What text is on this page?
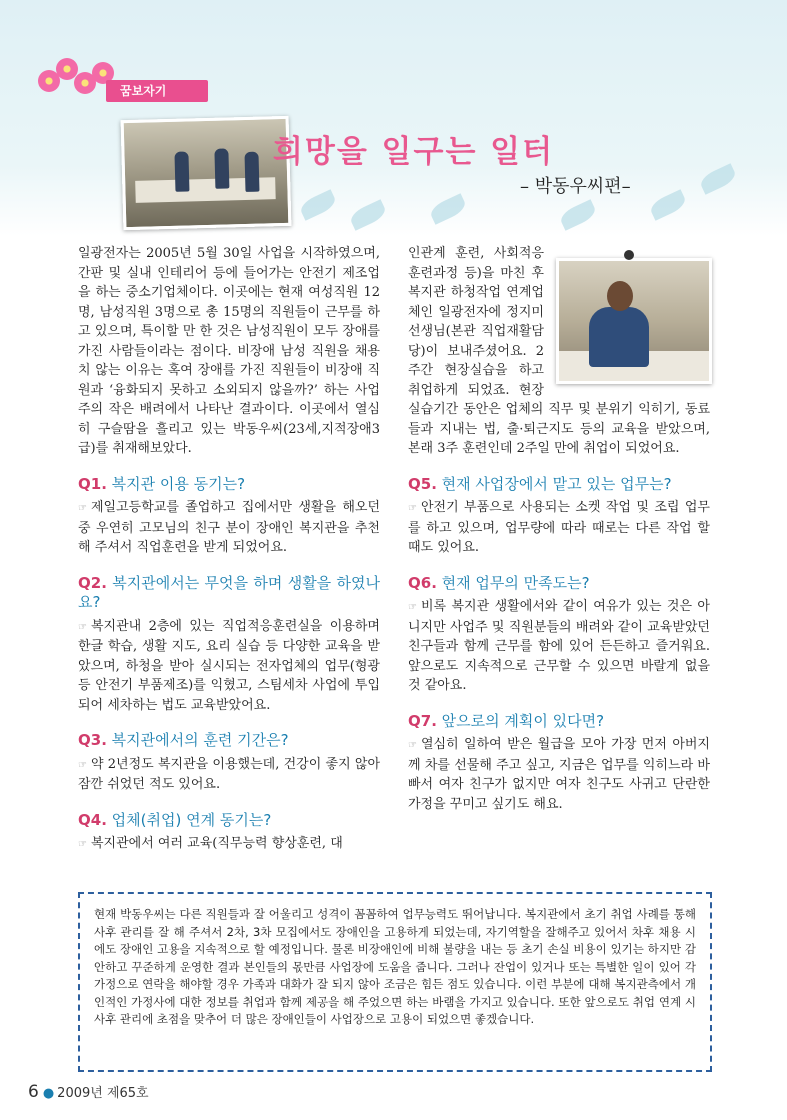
꿈보자기
희망을 일구는 일터
– 박동우씨편–

일광전자는 2005년 5월 30일 사업을 시작하였으며, 간판 및 실내 인테리어 등에 들어가는 안전기 제조업을 하는 중소기업체이다. 이곳에는 현재 여성직원 12명, 남성직원 3명으로 총 15명의 직원들이 근무를 하고 있으며, 특이할 만 한 것은 남성직원이 모두 장애를 가진 사람들이라는 점이다. 비장애 남성 직원을 채용치 않는 이유는 혹여 장애를 가진 직원들이 비장애 직원과 ‘융화되지 못하고 소외되지 않을까?’ 하는 사업주의 작은 배려에서 나타난 결과이다. 이곳에서 열심히 구슬땀을 흘리고 있는 박동우씨(23세,지적장애3급)를 취재해보았다.

Q1. 복지관 이용 동기는?

☞ 제일고등학교를 졸업하고 집에서만 생활을 해오던 중 우연히 고모님의 친구 분이 장애인 복지관을 추천해 주셔서 직업훈련을 받게 되었어요.

Q2. 복지관에서는 무엇을 하며 생활을 하였나요?

☞ 복지관내 2층에 있는 직업적응훈련실을 이용하며 한글 학습, 생활 지도, 요리 실습 등 다양한 교육을 받았으며, 하청을 받아 실시되는 전자업체의 업무(형광등 안전기 부품제조)를 익혔고, 스팀세차 사업에 투입되어 세차하는 법도 교육받았어요.

Q3. 복지관에서의 훈련 기간은?

☞ 약 2년정도 복지관을 이용했는데, 건강이 좋지 않아 잠깐 쉬었던 적도 있어요.

Q4. 업체(취업) 연계 동기는?

☞ 복지관에서 여러 교육(직무능력 향상훈련, 대

인관계 훈련, 사회적응 훈련과정 등)을 마친 후 복지관 하청작업 연계업체인 일광전자에 정지미 선생님(본관 직업재활담당)이 보내주셨어요. 2주간 현장실습을 하고 취업하게 되었죠. 현장실습기간 동안은 업체의 직무 및 분위기 익히기, 동료들과 지내는 법, 출·퇴근지도 등의 교육을 받았으며, 본래 3주 훈련인데 2주일 만에 취업이 되었어요.

Q5. 현재 사업장에서 맡고 있는 업무는?

☞ 안전기 부품으로 사용되는 소켓 작업 및 조립 업무를 하고 있으며, 업무량에 따라 때로는 다른 작업 할 때도 있어요.

Q6. 현재 업무의 만족도는?

☞ 비록 복지관 생활에서와 같이 여유가 있는 것은 아니지만 사업주 및 직원분들의 배려와 같이 교육받았던 친구들과 함께 근무를 함에 있어 든든하고 즐거워요. 앞으로도 지속적으로 근무할 수 있으면 바랄게 없을 것 같아요.

Q7. 앞으로의 계획이 있다면?

☞ 열심히 일하여 받은 월급을 모아 가장 먼저 아버지께 차를 선물해 주고 싶고, 지금은 업무를 익히느라 바빠서 여자 친구가 없지만 여자 친구도 사귀고 단란한 가정을 꾸미고 싶기도 해요.

현재 박동우씨는 다른 직원들과 잘 어울리고 성격이 꼼꼼하여 업무능력도 뛰어납니다. 복지관에서 초기 취업 사례를 통해 사후 관리를 잘 해 주셔서 2차, 3차 모집에서도 장애인을 고용하게 되었는데, 자기역할을 잘해주고 있어서 차후 채용 시에도 장애인 고용을 지속적으로 할 예정입니다. 물론 비장애인에 비해 불량을 내는 등 초기 손실 비용이 있기는 하지만 감안하고 꾸준하게 운영한 결과 본인들의 몫만큼 사업장에 도움을 줍니다. 그러나 잔업이 있거나 또는 특별한 일이 있어 각 가정으로 연락을 해야할 경우 가족과 대화가 잘 되지 않아 조금은 힘든 점도 있습니다. 이런 부분에 대해 복지관측에서 개인적인 가정사에 대한 정보를 취업과 함께 제공을 해 주었으면 하는 바램을 가지고 있습니다. 또한 앞으로도 취업 연계 시 사후 관리에 초점을 맞추어 더 많은 장애인들이 사업장으로 고용이 되었으면 좋겠습니다.
6 ● 2009년 제65호
